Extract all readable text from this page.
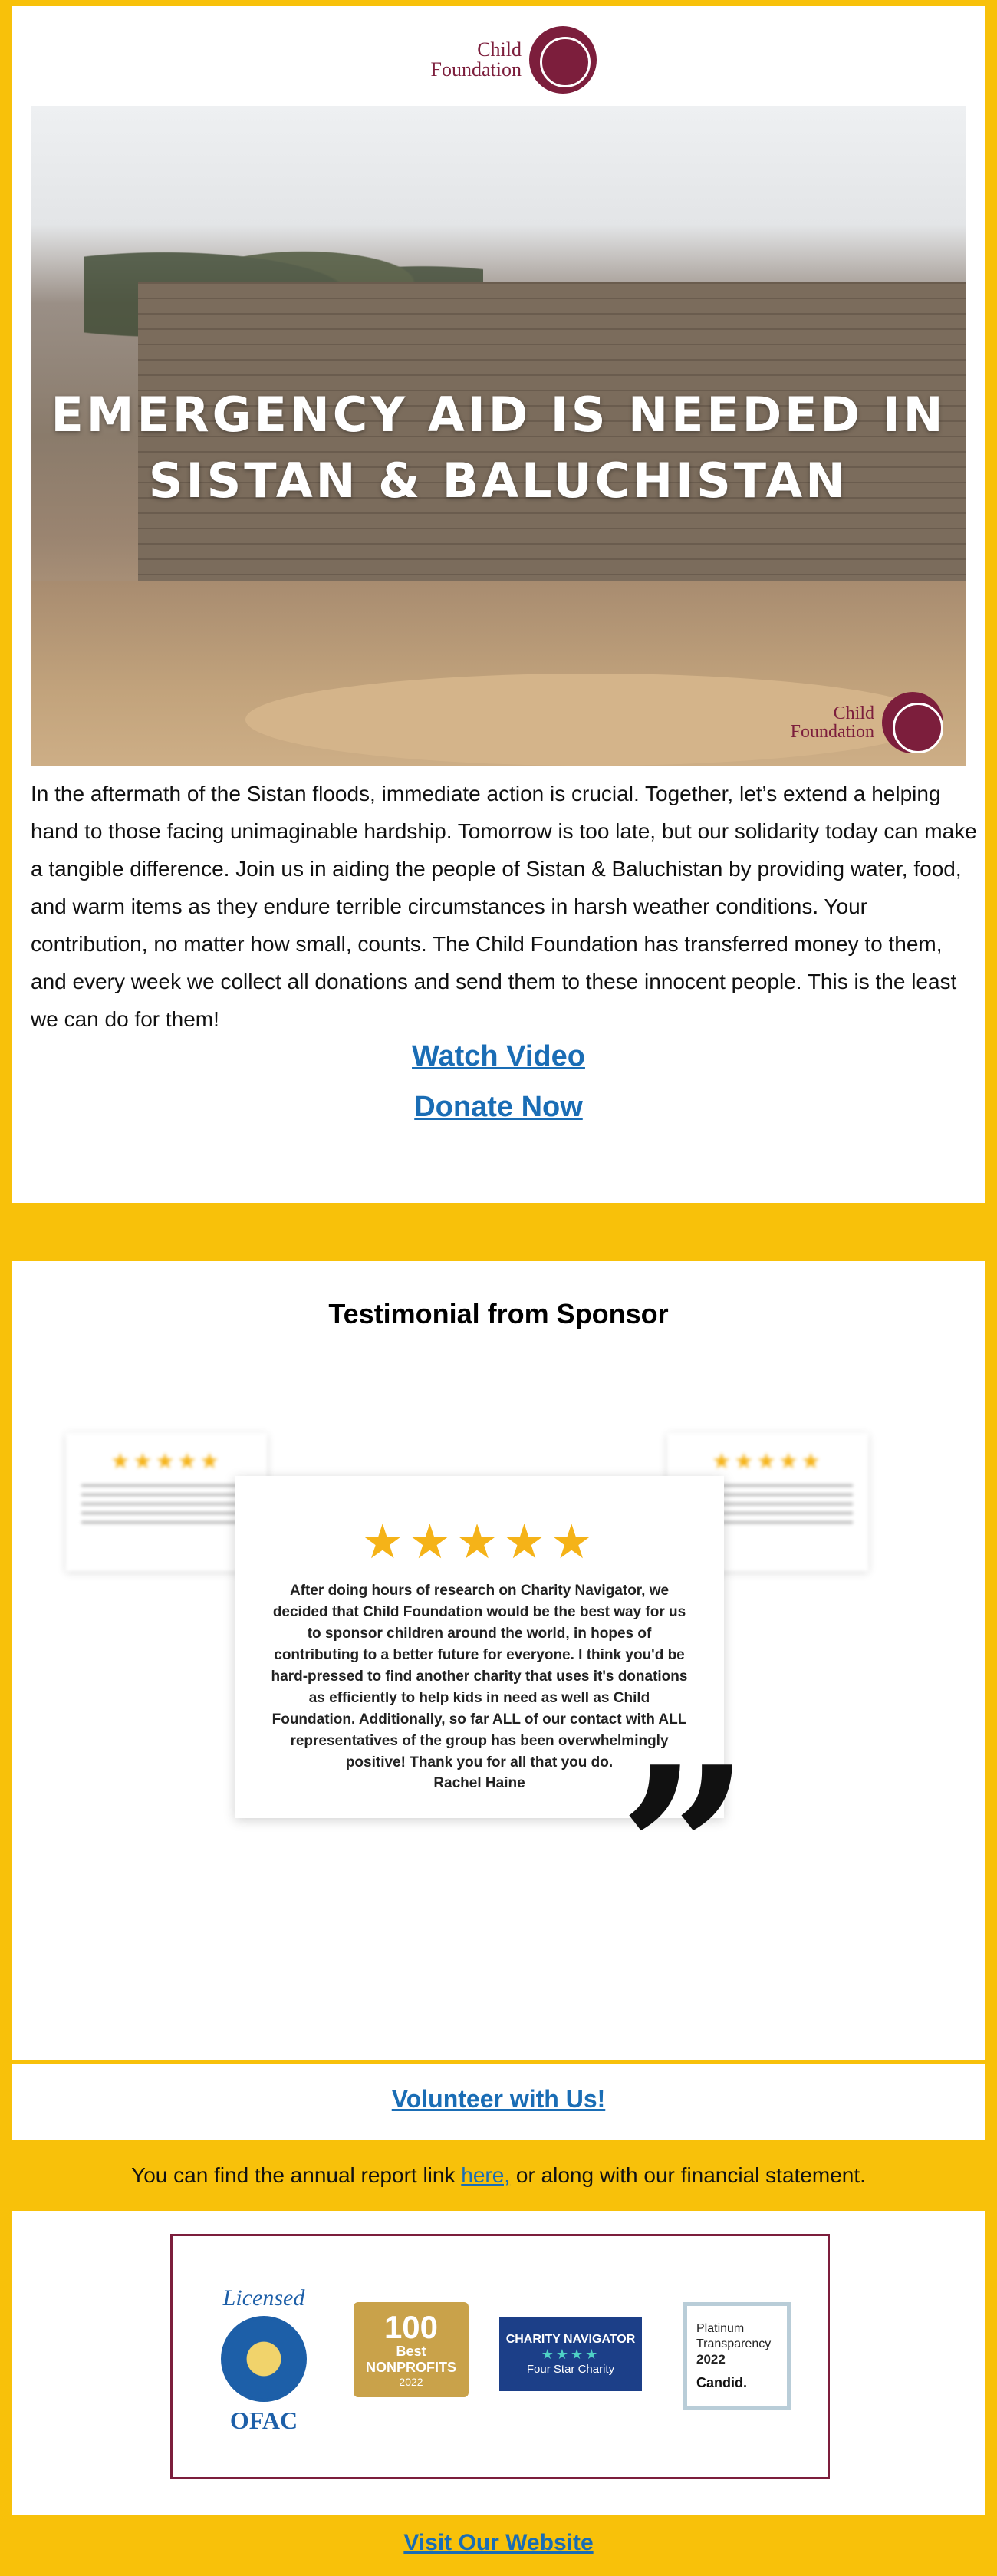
Child Foundation
EMERGENCY AID IS NEEDED IN SISTAN & BALUCHISTAN
Child Foundation
In the aftermath of the Sistan floods, immediate action is crucial. Together, let’s extend a helping hand to those facing unimaginable hardship. Tomorrow is too late, but our solidarity today can make a tangible difference. Join us in aiding the people of Sistan & Baluchistan by providing water, food, and warm items as they endure terrible circumstances in harsh weather conditions. Your contribution, no matter how small, counts. The Child Foundation has transferred money to them, and every week we collect all donations and send them to these innocent people. This is the least we can do for them!
Watch Video
Donate Now
Testimonial from Sponsor
★★★★★	★★★★★
★★★★★
After doing hours of research on Charity Navigator, we decided that Child Foundation would be the best way for us to sponsor children around the world, in hopes of contributing to a better future for everyone. I think you'd be hard-pressed to find another charity that uses it's donations as efficiently to help kids in need as well as Child Foundation. Additionally, so far ALL of our contact with ALL representatives of the group has been overwhelmingly positive! Thank you for all that you do.
Rachel Haine ”
Volunteer with Us!
You can find the annual report link here, or along with our financial statement.
Licensed
OFAC
100
Best
NONPROFITS
2022
CHARITY NAVIGATOR
★★★★
Four Star Charity
Platinum
Transparency
2022
Candid.
Visit Our Website
